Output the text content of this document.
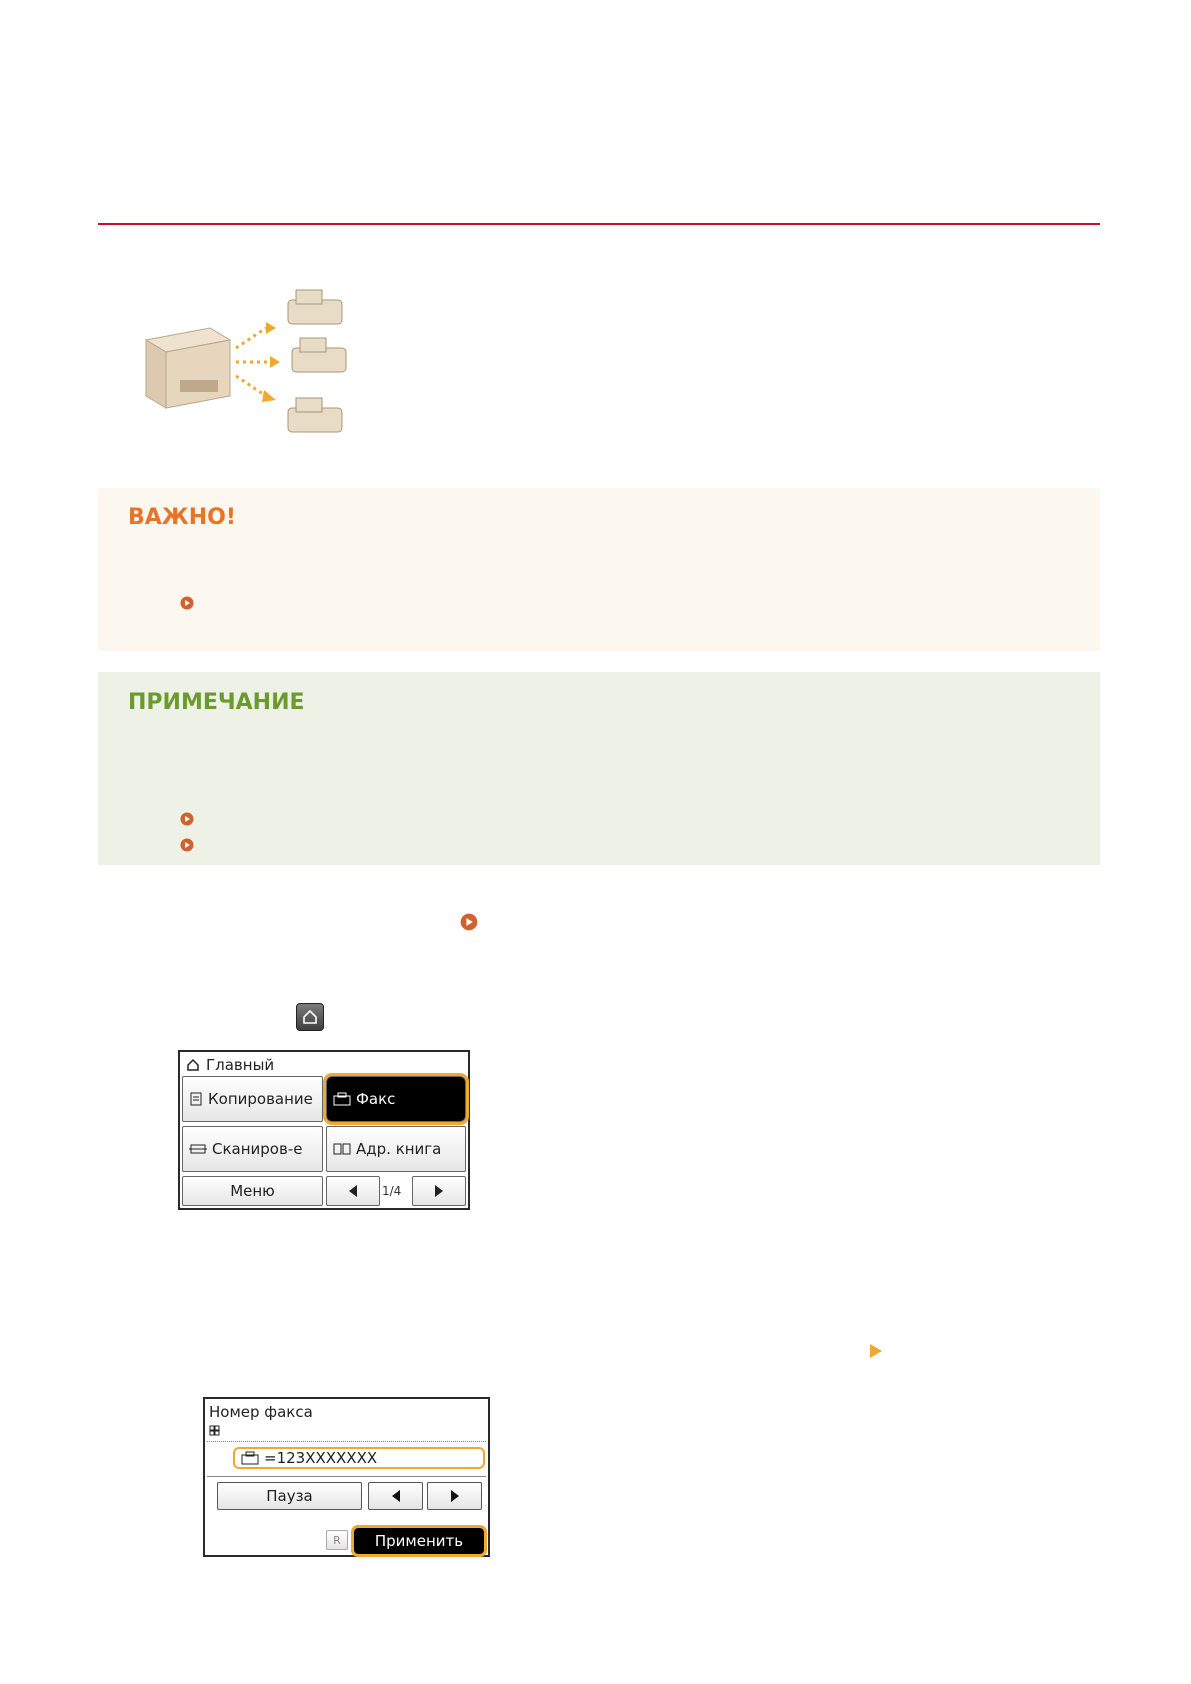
ВАЖНО!
ПРИМЕЧАНИЕ
Главный
Копирование	Факс
Сканиров-е	Адр. книга
Меню	1/4
Номер факса
=123XXXXXXX
Пауза
R Применить
